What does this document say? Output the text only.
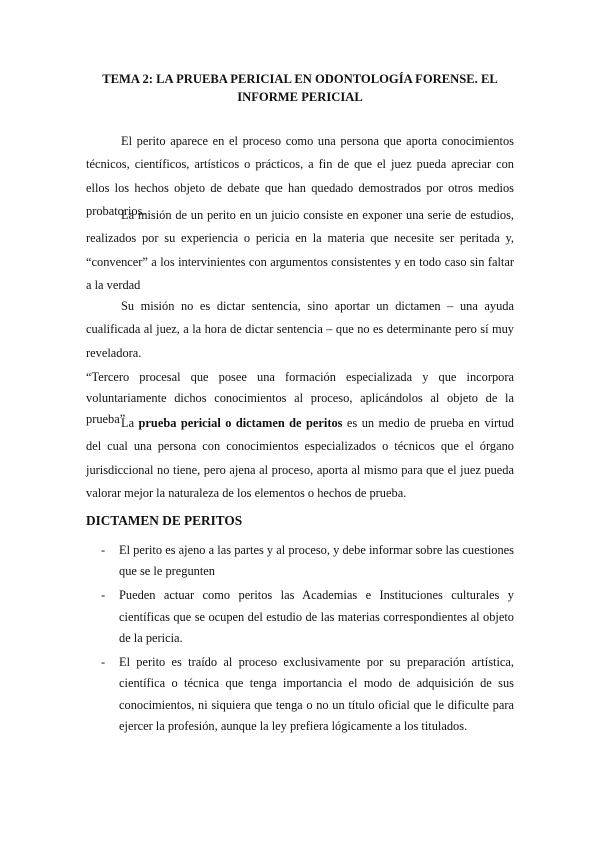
TEMA 2: LA PRUEBA PERICIAL EN ODONTOLOGÍA FORENSE. EL INFORME PERICIAL

El perito aparece en el proceso como una persona que aporta conocimientos técnicos, científicos, artísticos o prácticos, a fin de que el juez pueda apreciar con ellos los hechos objeto de debate que han quedado demostrados por otros medios probatorios.

La misión de un perito en un juicio consiste en exponer una serie de estudios, realizados por su experiencia o pericia en la materia que necesite ser peritada y, “convencer” a los intervinientes con argumentos consistentes y en todo caso sin faltar a la verdad

Su misión no es dictar sentencia, sino aportar un dictamen – una ayuda cualificada al juez, a la hora de dictar sentencia – que no es determinante pero sí muy reveladora.

“Tercero procesal que posee una formación especializada y que incorpora voluntariamente dichos conocimientos al proceso, aplicándolos al objeto de la prueba”

La prueba pericial o dictamen de peritos es un medio de prueba en virtud del cual una persona con conocimientos especializados o técnicos que el órgano jurisdiccional no tiene, pero ajena al proceso, aporta al mismo para que el juez pueda valorar mejor la naturaleza de los elementos o hechos de prueba.

DICTAMEN DE PERITOS
- El perito es ajeno a las partes y al proceso, y debe informar sobre las cuestiones que se le pregunten
- Pueden actuar como peritos las Academias e Instituciones culturales y científicas que se ocupen del estudio de las materias correspondientes al objeto de la pericia.
- El perito es traído al proceso exclusivamente por su preparación artística, científica o técnica que tenga importancia el modo de adquisición de sus conocimientos, ni siquiera que tenga o no un título oficial que le dificulte para ejercer la profesión, aunque la ley prefiera lógicamente a los titulados.
